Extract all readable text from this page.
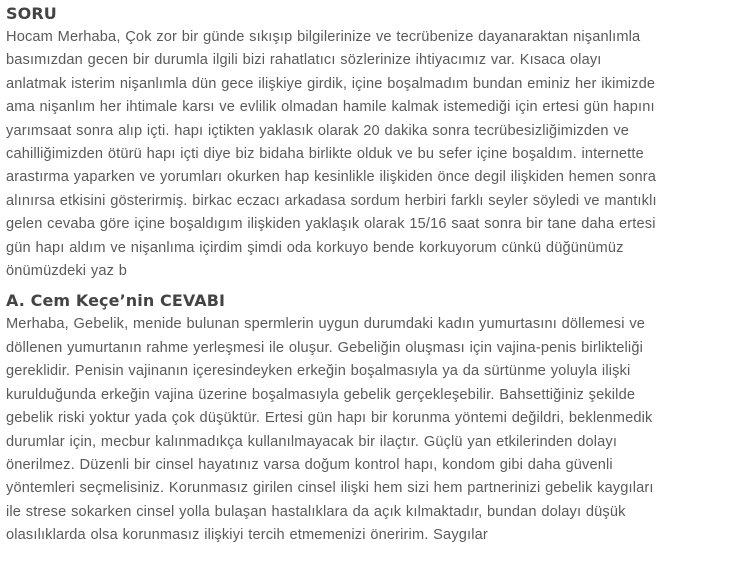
SORU

Hocam Merhaba, Çok zor bir günde sıkışıp bilgilerinize ve tecrübenize dayanaraktan nişanlımla
basımızdan gecen bir durumla ilgili bizi rahatlatıcı sözlerinize ihtiyacımız var. Kısaca olayı
anlatmak isterim nişanlımla dün gece ilişkiye girdik, içine boşalmadım bundan eminiz her ikimizde
ama nişanlım her ihtimale karsı ve evlilik olmadan hamile kalmak istemediği için ertesi gün hapını
yarımsaat sonra alıp içti. hapı içtikten yaklasık olarak 20 dakika sonra tecrübesizliğimizden ve
cahilliğimizden ötürü hapı içti diye biz bidaha birlikte olduk ve bu sefer içine boşaldım. internette
arastırma yaparken ve yorumları okurken hap kesinlikle ilişkiden önce degil ilişkiden hemen sonra
alınırsa etkisini gösterirmiş. birkac eczacı arkadasa sordum herbiri farklı seyler söyledi ve mantıklı
gelen cevaba göre içine boşaldıgım ilişkiden yaklaşık olarak 15/16 saat sonra bir tane daha ertesi
gün hapı aldım ve nişanlıma içirdim şimdi oda korkuyo bende korkuyorum cünkü düğünümüz
önümüzdeki yaz b

A. Cem Keçe’nin CEVABI

Merhaba, Gebelik, menide bulunan spermlerin uygun durumdaki kadın yumurtasını döllemesi ve
döllenen yumurtanın rahme yerleşmesi ile oluşur. Gebeliğin oluşması için vajina-penis birlikteliği
gereklidir. Penisin vajinanın içeresindeyken erkeğin boşalmasıyla ya da sürtünme yoluyla ilişki
kurulduğunda erkeğin vajina üzerine boşalmasıyla gebelik gerçekleşebilir. Bahsettiğiniz şekilde
gebelik riski yoktur yada çok düşüktür. Ertesi gün hapı bir korunma yöntemi değildri, beklenmedik
durumlar için, mecbur kalınmadıkça kullanılmayacak bir ilaçtır. Güçlü yan etkilerinden dolayı
önerilmez. Düzenli bir cinsel hayatınız varsa doğum kontrol hapı, kondom gibi daha güvenli
yöntemleri seçmelisiniz. Korunmasız girilen cinsel ilişki hem sizi hem partnerinizi gebelik kaygıları
ile strese sokarken cinsel yolla bulaşan hastalıklara da açık kılmaktadır, bundan dolayı düşük
olasılıklarda olsa korunmasız ilişkiyi tercih etmemenizi öneririm. Saygılar
